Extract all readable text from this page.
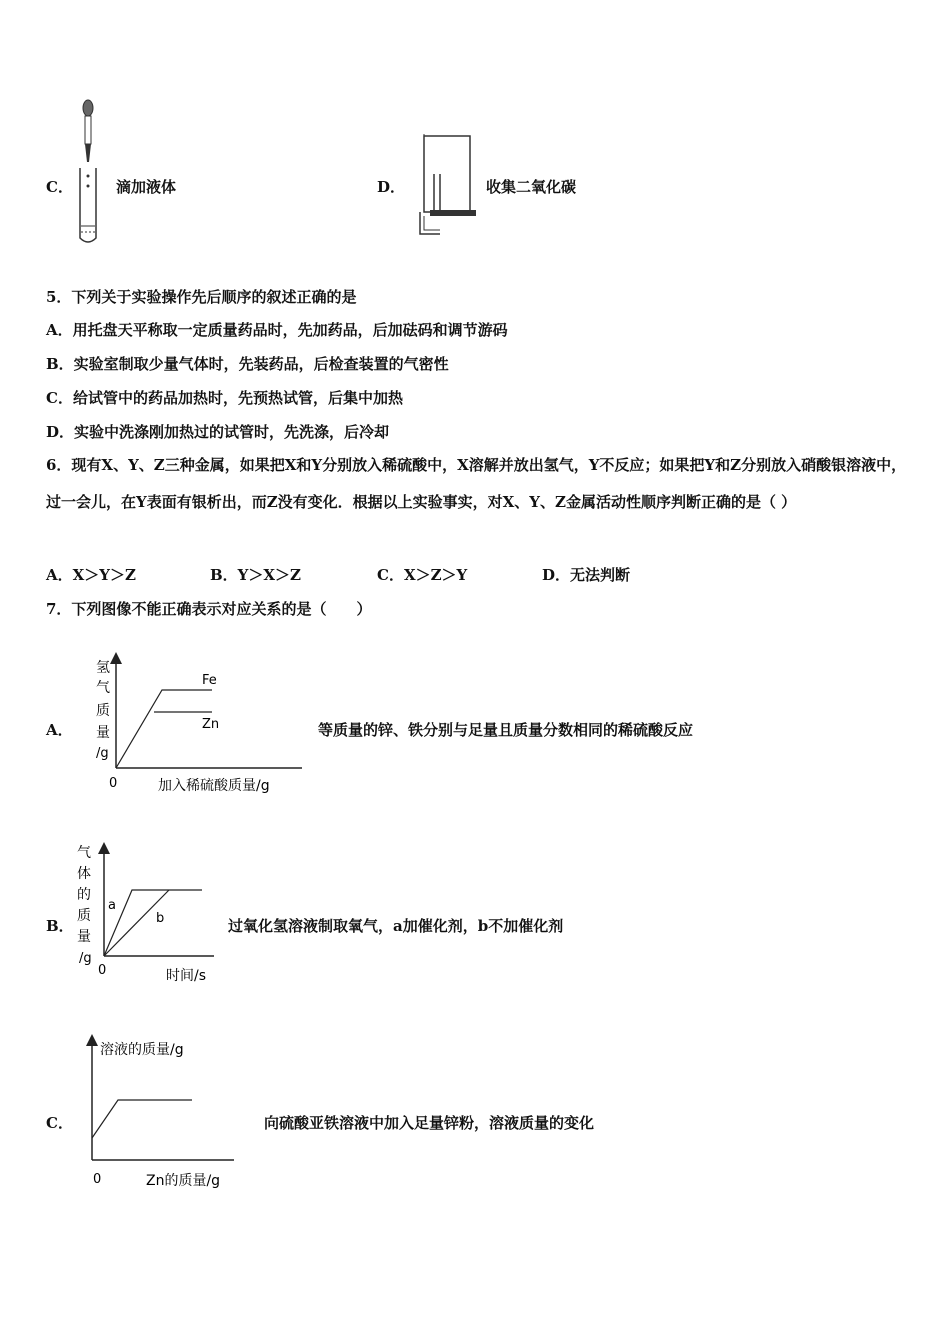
C．	滴加液体	D．	收集二氧化碳
5．下列关于实验操作先后顺序的叙述正确的是
A．用托盘天平称取一定质量药品时，先加药品，后加砝码和调节游码
B．实验室制取少量气体时，先装药品，后检查装置的气密性
C．给试管中的药品加热时，先预热试管，后集中加热
D．实验中洗涤刚加热过的试管时，先洗涤，后冷却
6．现有X、Y、Z三种金属，如果把X和Y分别放入稀硫酸中，X溶解并放出氢气，Y不反应；如果把Y和Z分别放入硝酸银溶液中，过一会儿，在Y表面有银析出，而Z没有变化．根据以上实验事实，对X、Y、Z金属活动性顺序判断正确的是（ ）
A．X＞Y＞Z	B．Y＞X＞Z	C．X＞Z＞Y	D．无法判断
7．下列图像不能正确表示对应关系的是（　　）
A．
氢
气
质
量
/g
0	加入稀硫酸质量/g
Fe
Zn	等质量的锌、铁分别与足量且质量分数相同的稀硫酸反应
B．
气
体
的
质
量
/g
0	时间/s
a
b	过氧化氢溶液制取氧气，a加催化剂，b不加催化剂
C．
溶液的质量/g
0	Zn的质量/g
向硫酸亚铁溶液中加入足量锌粉，溶液质量的变化
